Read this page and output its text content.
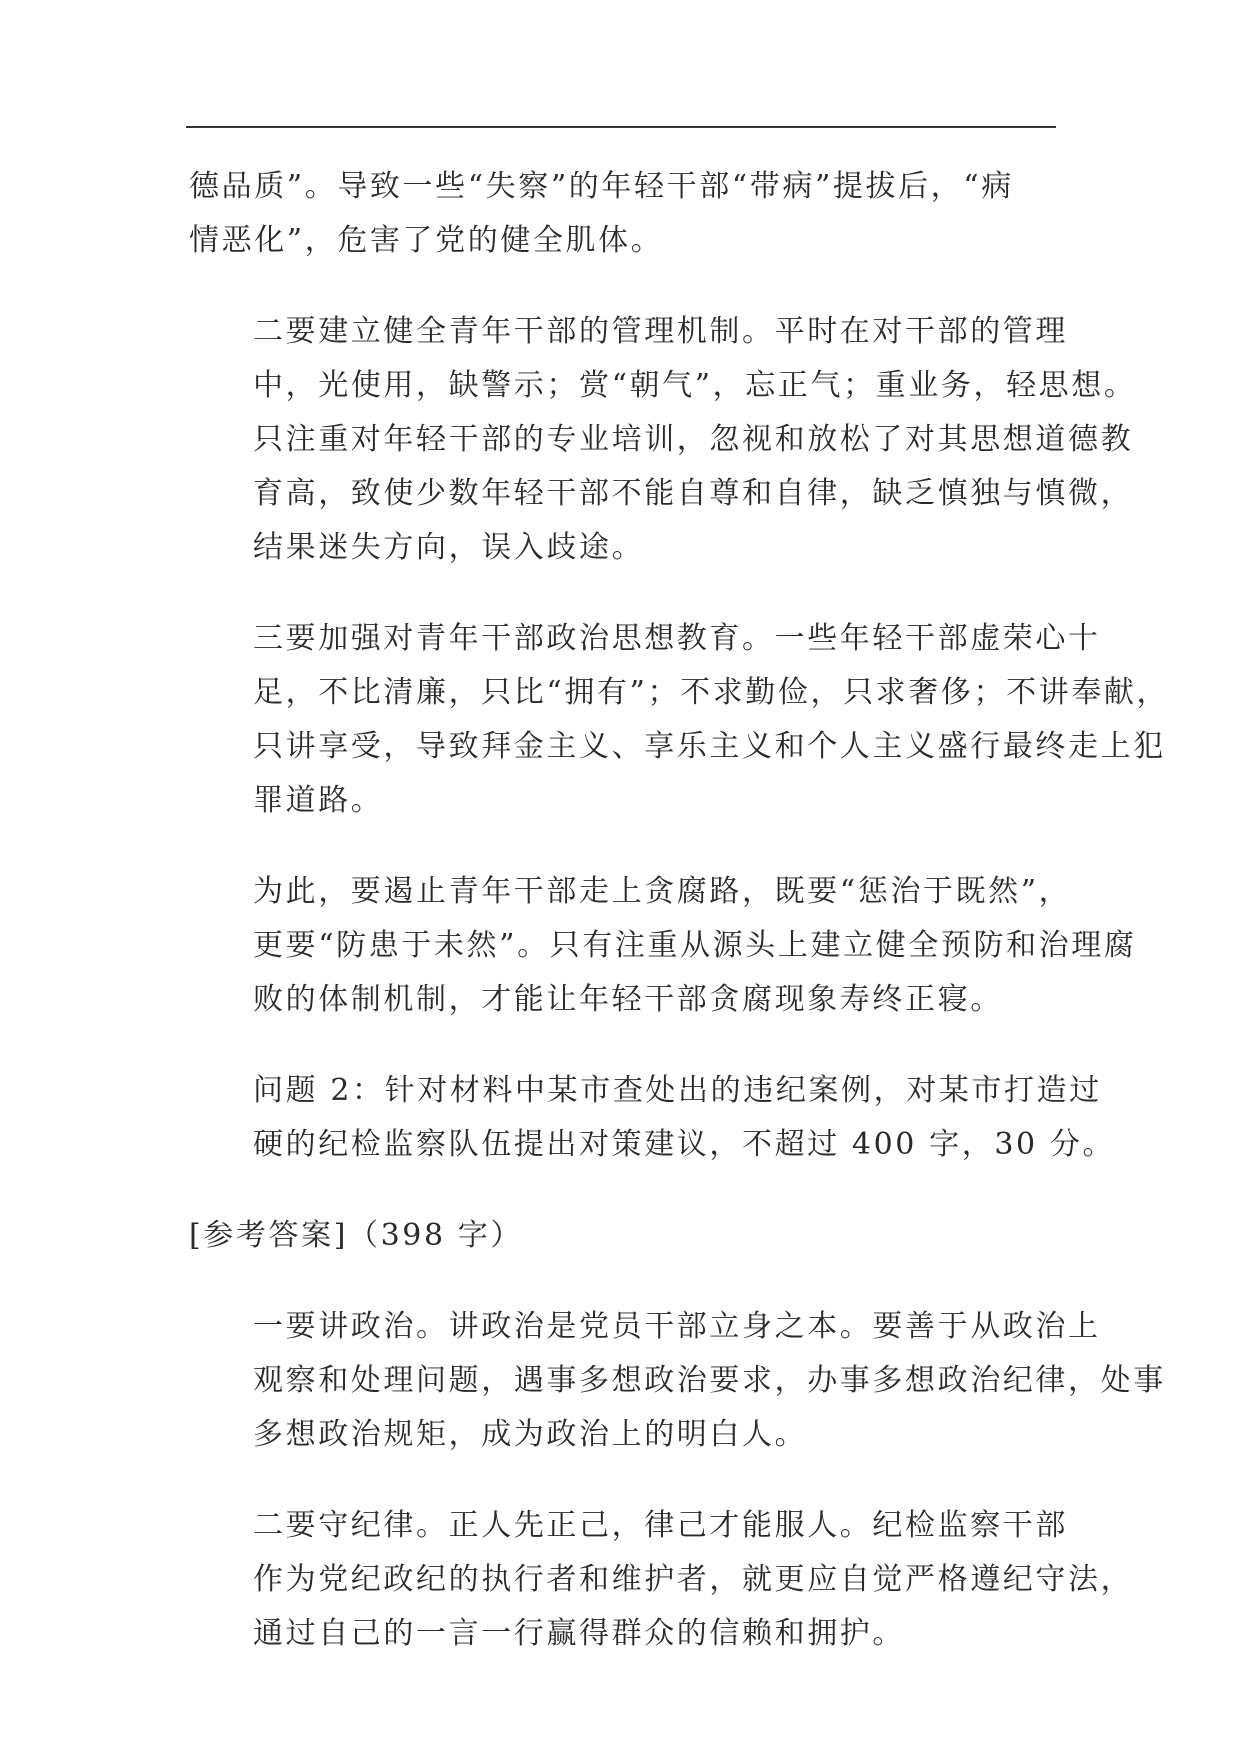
德品质”。导致一些“失察”的年轻干部“带病”提拔后，“病
情恶化”，危害了党的健全肌体。

二要建立健全青年干部的管理机制。平时在对干部的管理
中，光使用，缺警示；赏“朝气”，忘正气；重业务，轻思想。
只注重对年轻干部的专业培训，忽视和放松了对其思想道德教
育高，致使少数年轻干部不能自尊和自律，缺乏慎独与慎微，
结果迷失方向，误入歧途。

三要加强对青年干部政治思想教育。一些年轻干部虚荣心十
足，不比清廉，只比“拥有”；不求勤俭，只求奢侈；不讲奉献，
只讲享受，导致拜金主义、享乐主义和个人主义盛行最终走上犯
罪道路。

为此，要遏止青年干部走上贪腐路，既要“惩治于既然”，
更要“防患于未然”。只有注重从源头上建立健全预防和治理腐
败的体制机制，才能让年轻干部贪腐现象寿终正寝。

问题 2：针对材料中某市查处出的违纪案例，对某市打造过
硬的纪检监察队伍提出对策建议，不超过 400 字，30 分。

[参考答案]（398 字）

一要讲政治。讲政治是党员干部立身之本。要善于从政治上
观察和处理问题，遇事多想政治要求，办事多想政治纪律，处事
多想政治规矩，成为政治上的明白人。

二要守纪律。正人先正己，律己才能服人。纪检监察干部
作为党纪政纪的执行者和维护者，就更应自觉严格遵纪守法，
通过自己的一言一行赢得群众的信赖和拥护。
